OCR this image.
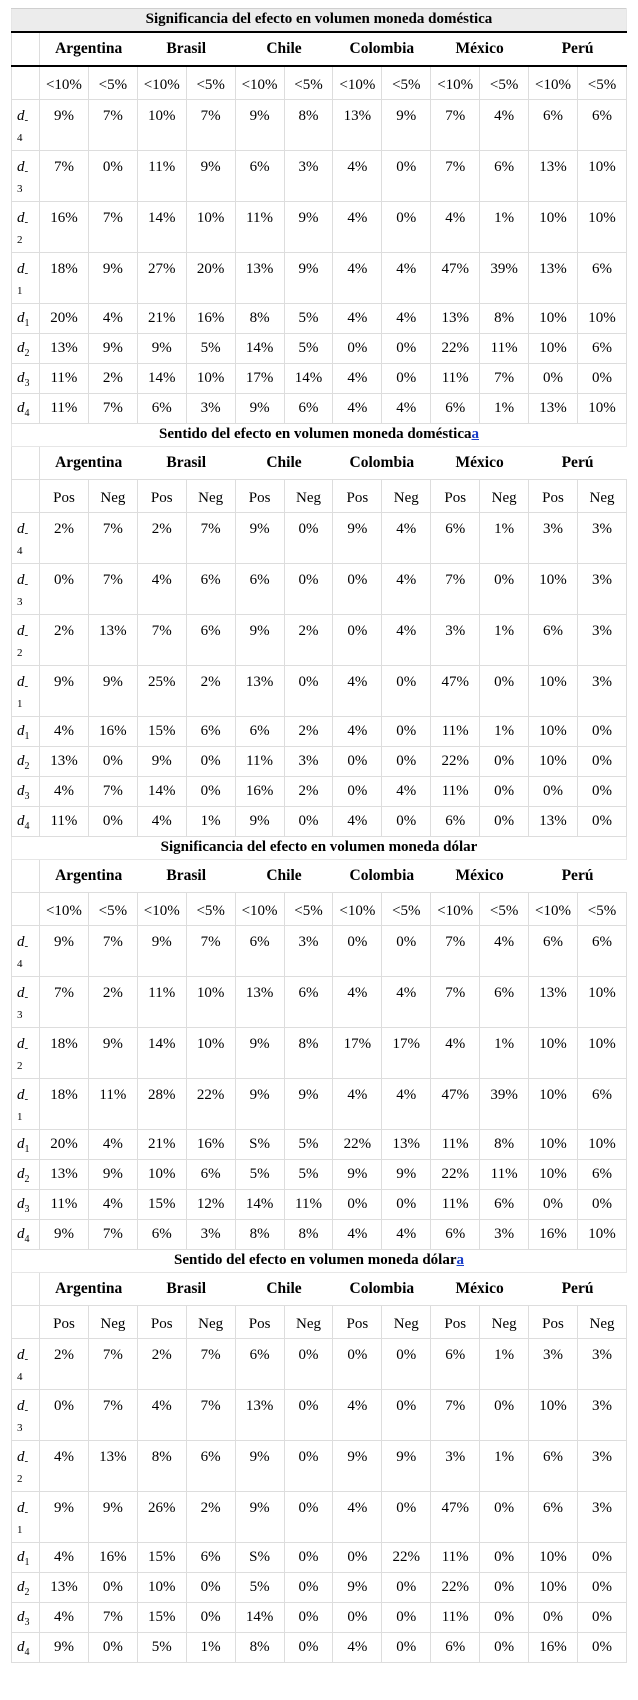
Significancia del efecto en volumen moneda doméstica												
	Argentina		Brasil		Chile		Colombia		México		Perú	
	<10%	<5%	<10%	<5%	<10%	<5%	<10%	<5%	<10%	<5%	<10%	<5%

$d_-$
4	9%	7%	10%	7%	9%	8%	13%	9%	7%	4%	6%	6%

$d_-$
3	7%	0%	11%	9%	6%	3%	4%	0%	7%	6%	13%	10%

$d_-$
2	16%	7%	14%	10%	11%	9%	4%	0%	4%	1%	10%	10%

$d_-$
1	18%	9%	27%	20%	13%	9%	4%	4%	47%	39%	13%	6%

$d_1$	20%	4%	21%	16%	8%	5%	4%	4%	13%	8%	10%	10%

$d_2$	13%	9%	9%	5%	14%	5%	0%	0%	22%	11%	10%	6%

$d_3$	11%	2%	14%	10%	17%	14%	4%	0%	11%	7%	0%	0%

$d_4$	11%	7%	6%	3%	9%	6%	4%	4%	6%	1%	13%	10%
Sentido del efecto en volumen moneda domésticaa												
	Argentina		Brasil		Chile		Colombia		México		Perú	
	Pos	Neg	Pos	Neg	Pos	Neg	Pos	Neg	Pos	Neg	Pos	Neg

$d_-$
4	2%	7%	2%	7%	9%	0%	9%	4%	6%	1%	3%	3%

$d_-$
3	0%	7%	4%	6%	6%	0%	0%	4%	7%	0%	10%	3%

$d_-$
2	2%	13%	7%	6%	9%	2%	0%	4%	3%	1%	6%	3%

$d_-$
1	9%	9%	25%	2%	13%	0%	4%	0%	47%	0%	10%	3%

$d_1$	4%	16%	15%	6%	6%	2%	4%	0%	11%	1%	10%	0%

$d_2$	13%	0%	9%	0%	11%	3%	0%	0%	22%	0%	10%	0%

$d_3$	4%	7%	14%	0%	16%	2%	0%	4%	11%	0%	0%	0%

$d_4$	11%	0%	4%	1%	9%	0%	4%	0%	6%	0%	13%	0%
Significancia del efecto en volumen moneda dólar												
	Argentina		Brasil		Chile		Colombia		México		Perú	
	<10%	<5%	<10%	<5%	<10%	<5%	<10%	<5%	<10%	<5%	<10%	<5%

$d_-$
4	9%	7%	9%	7%	6%	3%	0%	0%	7%	4%	6%	6%

$d_-$
3	7%	2%	11%	10%	13%	6%	4%	4%	7%	6%	13%	10%

$d_-$
2	18%	9%	14%	10%	9%	8%	17%	17%	4%	1%	10%	10%

$d_-$
1	18%	11%	28%	22%	9%	9%	4%	4%	47%	39%	10%	6%

$d_1$	20%	4%	21%	16%	S%	5%	22%	13%	11%	8%	10%	10%

$d_2$	13%	9%	10%	6%	5%	5%	9%	9%	22%	11%	10%	6%

$d_3$	11%	4%	15%	12%	14%	11%	0%	0%	11%	6%	0%	0%

$d_4$	9%	7%	6%	3%	8%	8%	4%	4%	6%	3%	16%	10%
Sentido del efecto en volumen moneda dólara												
	Argentina		Brasil		Chile		Colombia		México		Perú	
	Pos	Neg	Pos	Neg	Pos	Neg	Pos	Neg	Pos	Neg	Pos	Neg

$d_-$
4	2%	7%	2%	7%	6%	0%	0%	0%	6%	1%	3%	3%

$d_-$
3	0%	7%	4%	7%	13%	0%	4%	0%	7%	0%	10%	3%

$d_-$
2	4%	13%	8%	6%	9%	0%	9%	9%	3%	1%	6%	3%

$d_-$
1	9%	9%	26%	2%	9%	0%	4%	0%	47%	0%	6%	3%

$d_1$	4%	16%	15%	6%	S%	0%	0%	22%	11%	0%	10%	0%

$d_2$	13%	0%	10%	0%	5%	0%	9%	0%	22%	0%	10%	0%

$d_3$	4%	7%	15%	0%	14%	0%	0%	0%	11%	0%	0%	0%

$d_4$	9%	0%	5%	1%	8%	0%	4%	0%	6%	0%	16%	0%
